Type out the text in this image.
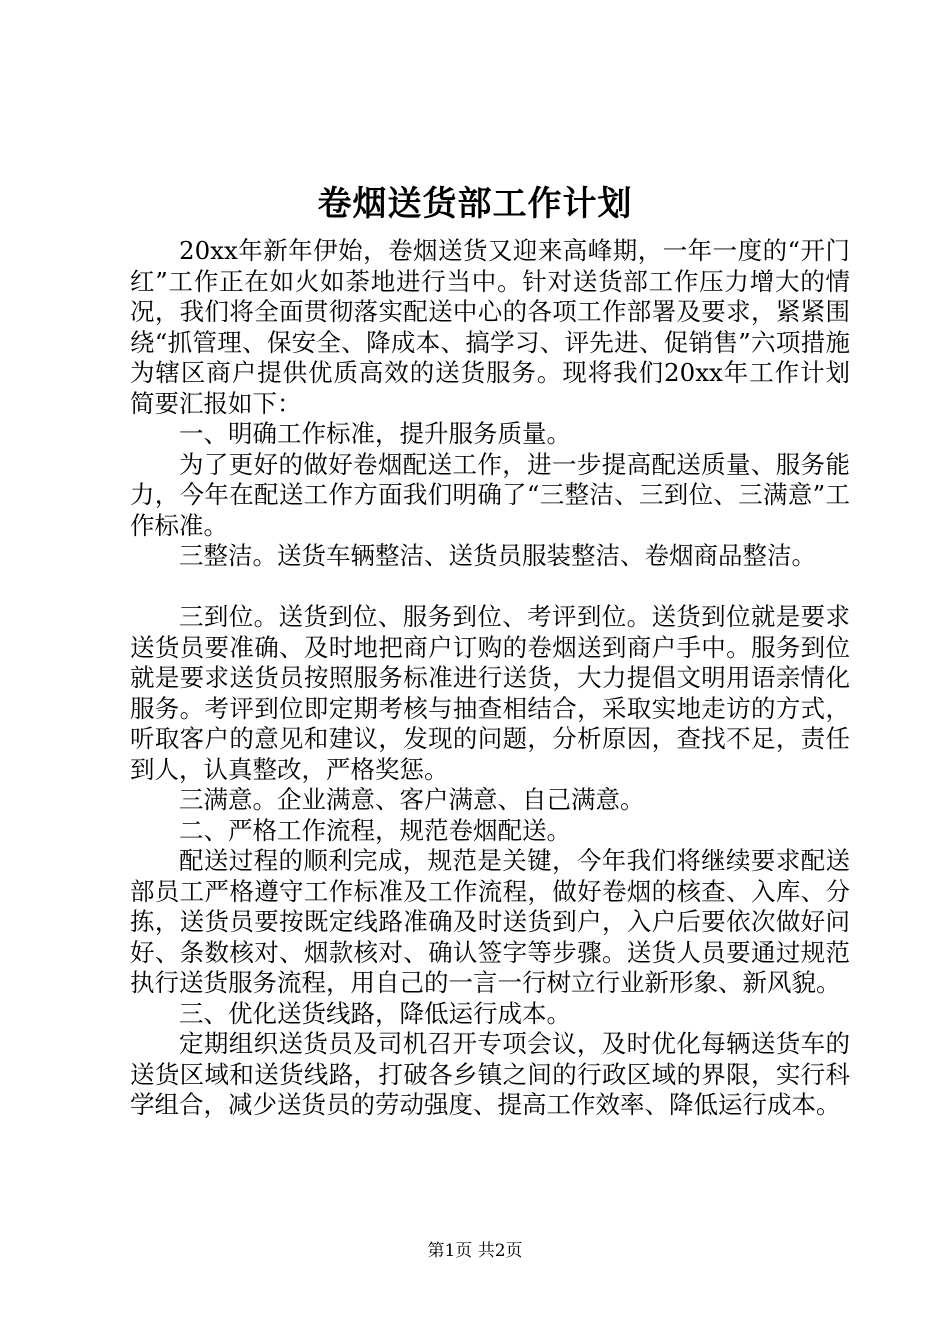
卷烟送货部工作计划

20xx年新年伊始，卷烟送货又迎来高峰期，一年一度的“开门红”工作正在如火如荼地进行当中。针对送货部工作压力增大的情况，我们将全面贯彻落实配送中心的各项工作部署及要求，紧紧围绕“抓管理、保安全、降成本、搞学习、评先进、促销售”六项措施为辖区商户提供优质高效的送货服务。现将我们20xx年工作计划简要汇报如下：

一、明确工作标准，提升服务质量。

为了更好的做好卷烟配送工作，进一步提高配送质量、服务能力，今年在配送工作方面我们明确了“三整洁、三到位、三满意”工作标准。

三整洁。送货车辆整洁、送货员服装整洁、卷烟商品整洁。

三到位。送货到位、服务到位、考评到位。送货到位就是要求送货员要准确、及时地把商户订购的卷烟送到商户手中。服务到位就是要求送货员按照服务标准进行送货，大力提倡文明用语亲情化服务。考评到位即定期考核与抽查相结合，采取实地走访的方式，听取客户的意见和建议，发现的问题，分析原因，查找不足，责任到人，认真整改，严格奖惩。

三满意。企业满意、客户满意、自己满意。

二、严格工作流程，规范卷烟配送。

配送过程的顺利完成，规范是关键，今年我们将继续要求配送部员工严格遵守工作标准及工作流程，做好卷烟的核查、入库、分拣，送货员要按既定线路准确及时送货到户，入户后要依次做好问好、条数核对、烟款核对、确认签字等步骤。送货人员要通过规范执行送货服务流程，用自己的一言一行树立行业新形象、新风貌。

三、优化送货线路，降低运行成本。

定期组织送货员及司机召开专项会议，及时优化每辆送货车的送货区域和送货线路，打破各乡镇之间的行政区域的界限，实行科学组合，减少送货员的劳动强度、提高工作效率、降低运行成本。

第1页 共2页
